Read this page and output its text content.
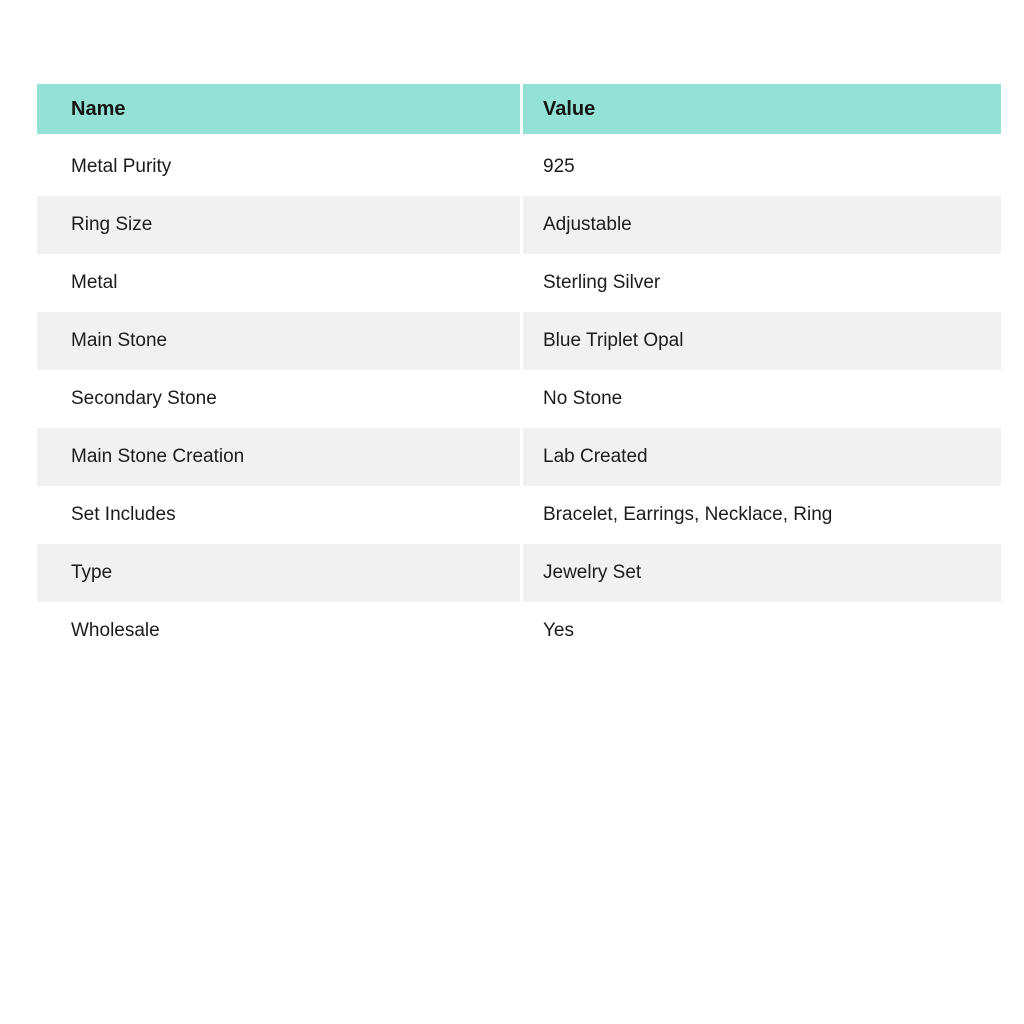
Name	Value
Metal Purity	925
Ring Size	Adjustable
Metal	Sterling Silver
Main Stone	Blue Triplet Opal
Secondary Stone	No Stone
Main Stone Creation	Lab Created
Set Includes	Bracelet, Earrings, Necklace, Ring
Type	Jewelry Set
Wholesale	Yes
